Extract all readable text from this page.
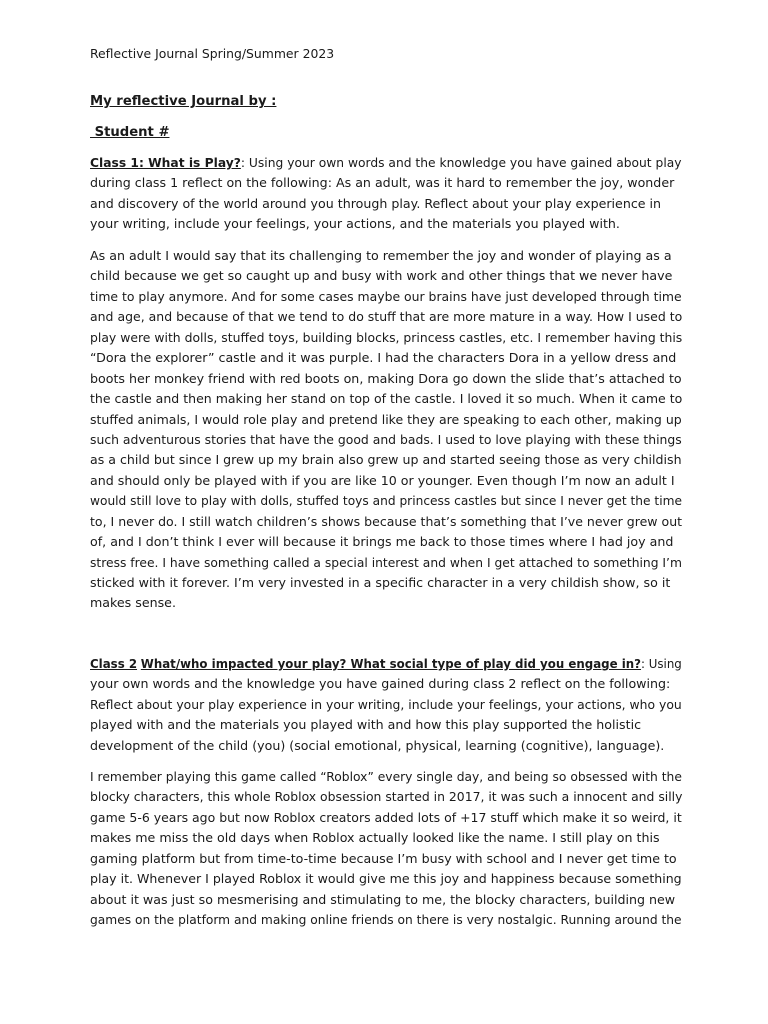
Reflective Journal Spring/Summer 2023
My reflective Journal by :
Student #
Class 1: What is Play?: Using your own words and the knowledge you have gained about play
during class 1 reflect on the following: As an adult, was it hard to remember the joy, wonder
and discovery of the world around you through play. Reflect about your play experience in
your writing, include your feelings, your actions, and the materials you played with.
As an adult I would say that its challenging to remember the joy and wonder of playing as a
child because we get so caught up and busy with work and other things that we never have
time to play anymore. And for some cases maybe our brains have just developed through time
and age, and because of that we tend to do stuff that are more mature in a way. How I used to
play were with dolls, stuffed toys, building blocks, princess castles, etc. I remember having this
“Dora the explorer” castle and it was purple. I had the characters Dora in a yellow dress and
boots her monkey friend with red boots on, making Dora go down the slide that’s attached to
the castle and then making her stand on top of the castle. I loved it so much. When it came to
stuffed animals, I would role play and pretend like they are speaking to each other, making up
such adventurous stories that have the good and bads. I used to love playing with these things
as a child but since I grew up my brain also grew up and started seeing those as very childish
and should only be played with if you are like 10 or younger. Even though I’m now an adult I
would still love to play with dolls, stuffed toys and princess castles but since I never get the time
to, I never do. I still watch children’s shows because that’s something that I’ve never grew out
of, and I don’t think I ever will because it brings me back to those times where I had joy and
stress free. I have something called a special interest and when I get attached to something I’m
sticked with it forever. I’m very invested in a specific character in a very childish show, so it
makes sense.
Class 2 What/who impacted your play? What social type of play did you engage in?: Using
your own words and the knowledge you have gained during class 2 reflect on the following:
Reflect about your play experience in your writing, include your feelings, your actions, who you
played with and the materials you played with and how this play supported the holistic
development of the child (you) (social emotional, physical, learning (cognitive), language).
I remember playing this game called “Roblox” every single day, and being so obsessed with the
blocky characters, this whole Roblox obsession started in 2017, it was such a innocent and silly
game 5-6 years ago but now Roblox creators added lots of +17 stuff which make it so weird, it
makes me miss the old days when Roblox actually looked like the name. I still play on this
gaming platform but from time-to-time because I’m busy with school and I never get time to
play it. Whenever I played Roblox it would give me this joy and happiness because something
about it was just so mesmerising and stimulating to me, the blocky characters, building new
games on the platform and making online friends on there is very nostalgic. Running around the
